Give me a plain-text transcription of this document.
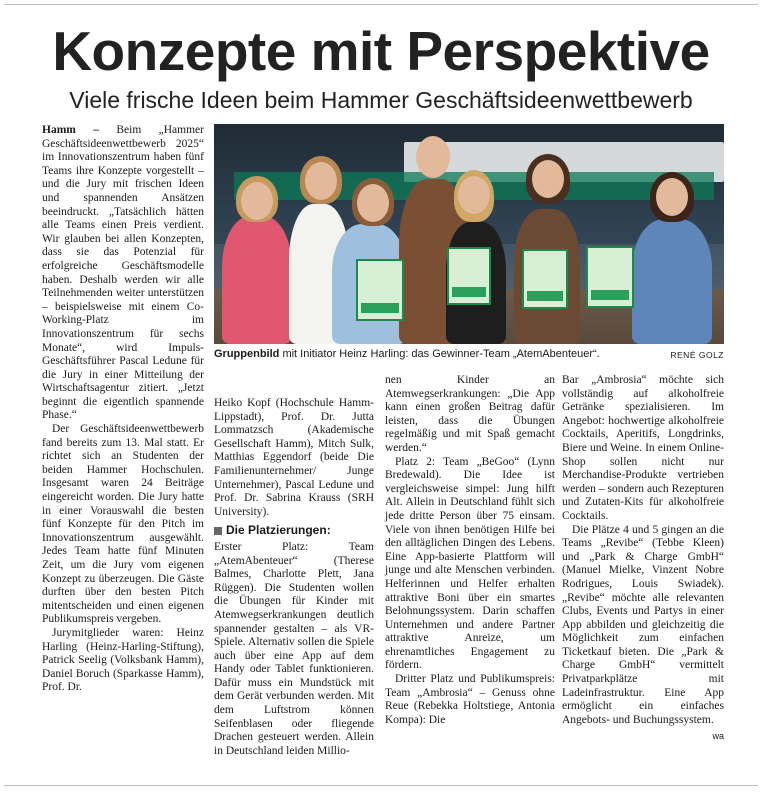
Konzepte mit Perspektive
Viele frische Ideen beim Hammer Geschäftsideenwettbewerb

Hamm – Beim „Hammer Geschäftsideenwettbewerb 2025“ im Innovationszentrum haben fünf Teams ihre Konzepte vorgestellt – und die Jury mit frischen Ideen und spannenden Ansätzen beeindruckt. „Tatsächlich hätten alle Teams einen Preis verdient. Wir glauben bei allen Konzepten, dass sie das Potenzial für erfolgreiche Geschäftsmodelle haben. Deshalb werden wir alle Teilnehmenden weiter unterstützen – beispielsweise mit einem Co-Working-Platz im Innovationszentrum für sechs Monate“, wird Impuls-Geschäftsführer Pascal Ledune für die Jury in einer Mitteilung der Wirtschaftsagentur zitiert. „Jetzt beginnt die eigentlich spannende Phase.“

Der Geschäftsideenwettbewerb fand bereits zum 13. Mal statt. Er richtet sich an Studenten der beiden Hammer Hochschulen. Insgesamt waren 24 Beiträge eingereicht worden. Die Jury hatte in einer Vorauswahl die besten fünf Konzepte für den Pitch im Innovationszentrum ausgewählt. Jedes Team hatte fünf Minuten Zeit, um die Jury vom eigenen Konzept zu überzeugen. Die Gäste durften über den besten Pitch mitentscheiden und einen eigenen Publikumspreis vergeben.

Jurymitglieder waren: Heinz Harling (Heinz-Harling-Stiftung), Patrick Seelig (Volksbank Hamm), Daniel Boruch (Sparkasse Hamm), Prof. Dr.

Gruppenbild mit Initiator Heinz Harling: das Gewinner-Team „AtemAbenteuer“.	RENÉ GOLZ

Heiko Kopf (Hochschule Hamm-Lippstadt), Prof. Dr. Jutta Lommatzsch (Akademische Gesellschaft Hamm), Mitch Sulk, Matthias Eggendorf (beide Die Familienunternehmer/ Junge Unternehmer), Pascal Ledune und Prof. Dr. Sabrina Krauss (SRH University).

Die Platzierungen:

Erster Platz: Team „AtemAbenteuer“ (Therese Balmes, Charlotte Plett, Jana Rüggen). Die Studenten wollen die Übungen für Kinder mit Atemwegserkrankungen deutlich spannender gestalten – als VR-Spiele. Alternativ sollen die Spiele auch über eine App auf dem Handy oder Tablet funktionieren. Dafür muss ein Mundstück mit dem Gerät verbunden werden. Mit dem Luftstrom können Seifenblasen oder fliegende Drachen gesteuert werden. Allein in Deutschland leiden Millio-

nen Kinder an Atemwegserkrankungen: „Die App kann einen großen Beitrag dafür leisten, dass die Übungen regelmäßig und mit Spaß gemacht werden.“

Platz 2: Team „BeGoo“ (Lynn Bredewald). Die Idee ist vergleichsweise simpel: Jung hilft Alt. Allein in Deutschland fühlt sich jede dritte Person über 75 einsam. Viele von ihnen benötigen Hilfe bei den alltäglichen Dingen des Lebens. Eine App-basierte Plattform will junge und alte Menschen verbinden. Helferinnen und Helfer erhalten attraktive Boni über ein smartes Belohnungssystem. Darin schaffen Unternehmen und andere Partner attraktive Anreize, um ehrenamtliches Engagement zu fördern.

Dritter Platz und Publikumspreis: Team „Ambrosia“ – Genuss ohne Reue (Rebekka Holtstiege, Antonia Kompa): Die

Bar „Ambrosia“ möchte sich vollständig auf alkoholfreie Getränke spezialisieren. Im Angebot: hochwertige alkoholfreie Cocktails, Aperitifs, Longdrinks, Biere und Weine. In einem Online-Shop sollen nicht nur Merchandise-Produkte vertrieben werden – sondern auch Rezepturen und Zutaten-Kits für alkoholfreie Cocktails.

Die Plätze 4 und 5 gingen an die Teams „Revibe“ (Tebbe Kleen) und „Park & Charge GmbH“ (Manuel Mielke, Vinzent Nobre Rodrigues, Louis Swiadek). „Revibe“ möchte alle relevanten Clubs, Events und Partys in einer App abbilden und gleichzeitig die Möglichkeit zum einfachen Ticketkauf bieten. Die „Park & Charge GmbH“ vermittelt Privatparkplätze mit Ladeinfrastruktur. Eine App ermöglicht ein einfaches Angebots- und Buchungssystem.
wa
